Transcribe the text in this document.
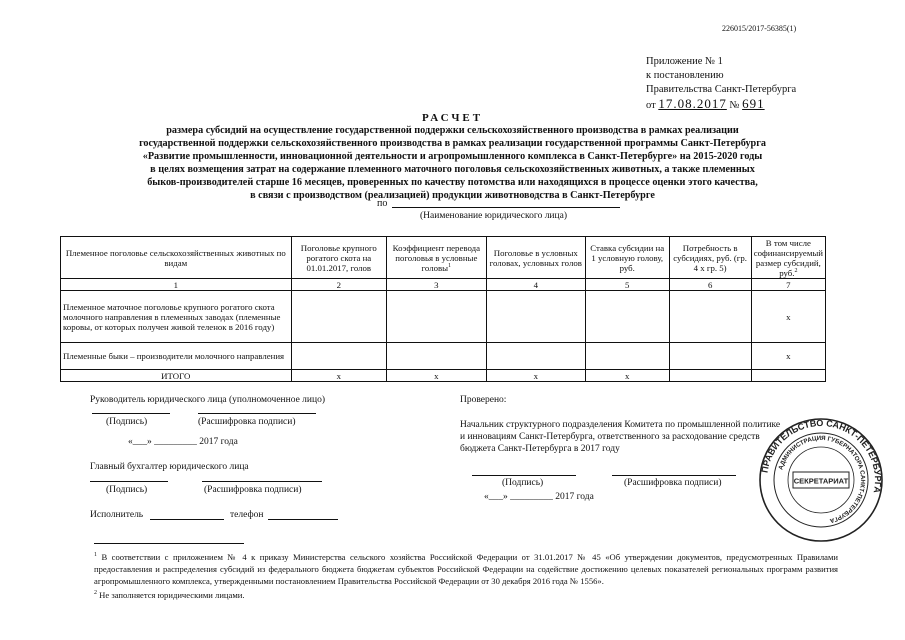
226015/2017-56385(1)
Приложение № 1
к постановлению
Правительства Санкт-Петербурга
от 17.08.2017 № 691
РАСЧЕТ
размера субсидий на осуществление государственной поддержки сельскохозяйственного производства в рамках реализации
государственной поддержки сельскохозяйственного производства в рамках реализации государственной программы Санкт-Петербурга
«Развитие промышленности, инновационной деятельности и агропромышленного комплекса в Санкт-Петербурге» на 2015-2020 годы
в целях возмещения затрат на содержание племенного маточного поголовья сельскохозяйственных животных, а также племенных
быков-производителей старше 16 месяцев, проверенных по качеству потомства или находящихся в процессе оценки этого качества,
в связи с производством (реализацией) продукции животноводства в Санкт-Петербурге
по
(Наименование юридического лица)
Племенное поголовье сельскохозяйственных животных по видам	Поголовье крупного рогатого скота на 01.01.2017, голов	Коэффициент перевода поголовья в условные головы$^1$	Поголовье в условных головах, условных голов	Ставка субсидии на 1 условную голову, руб.	Потребность в субсидиях, руб. (гр. 4 х гр. 5)	В том числе софинансируемый размер субсидий, руб.$^2$
1	2	3	4	5	6	7
Племенное маточное поголовье крупного рогатого скота молочного направления в племенных заводах (племенные коровы, от которых получен живой теленок в 2016 году)						х
Племенные быки – производители молочного направления						х
ИТОГО	х	х	х	х		
Руководитель юридического лица (уполномоченное лицо)
(Подпись)	(Расшифровка подписи)
«___» _________ 2017 года
Главный бухгалтер юридического лица
(Подпись)	(Расшифровка подписи)
Исполнитель	телефон
Проверено:
Начальник структурного подразделения Комитета по промышленной политике
и инновациям Санкт-Петербурга, ответственного за расходование средств
бюджета Санкт-Петербурга в 2017 году
(Подпись)	(Расшифровка подписи)
«___» _________ 2017 года
ПРАВИТЕЛЬСТВО САНКТ-ПЕТЕРБУРГА
АДМИНИСТРАЦИЯ ГУБЕРНАТОРА САНКТ-ПЕТЕРБУРГА
СЕКРЕТАРИАТ
$^1$ В соответствии с приложением № 4 к приказу Министерства сельского хозяйства Российской Федерации от 31.01.2017 № 45 «Об утверждении документов, предусмотренных Правилами предоставления и распределения субсидий из федерального бюджета бюджетам субъектов Российской Федерации на содействие достижению целевых показателей региональных программ развития агропромышленного комплекса, утвержденными постановлением Правительства Российской Федерации от 30 декабря 2016 года № 1556».
$^2$ Не заполняется юридическими лицами.
